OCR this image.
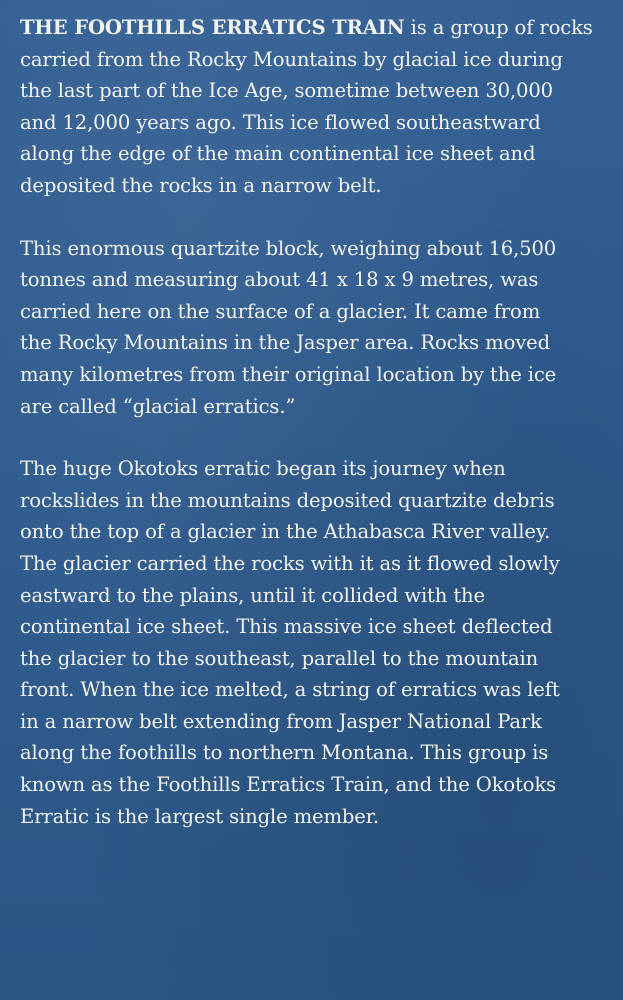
THE FOOTHILLS ERRATICS TRAIN is a group of rocks
carried from the Rocky Mountains by glacial ice during
the last part of the Ice Age, sometime between 30,000
and 12,000 years ago. This ice flowed southeastward
along the edge of the main continental ice sheet and
deposited the rocks in a narrow belt.

This enormous quartzite block, weighing about 16,500
tonnes and measuring about 41 x 18 x 9 metres, was
carried here on the surface of a glacier. It came from
the Rocky Mountains in the Jasper area. Rocks moved
many kilometres from their original location by the ice
are called “glacial erratics.”

The huge Okotoks erratic began its journey when
rockslides in the mountains deposited quartzite debris
onto the top of a glacier in the Athabasca River valley.
The glacier carried the rocks with it as it flowed slowly
eastward to the plains, until it collided with the
continental ice sheet. This massive ice sheet deflected
the glacier to the southeast, parallel to the mountain
front. When the ice melted, a string of erratics was left
in a narrow belt extending from Jasper National Park
along the foothills to northern Montana. This group is
known as the Foothills Erratics Train, and the Okotoks
Erratic is the largest single member.
